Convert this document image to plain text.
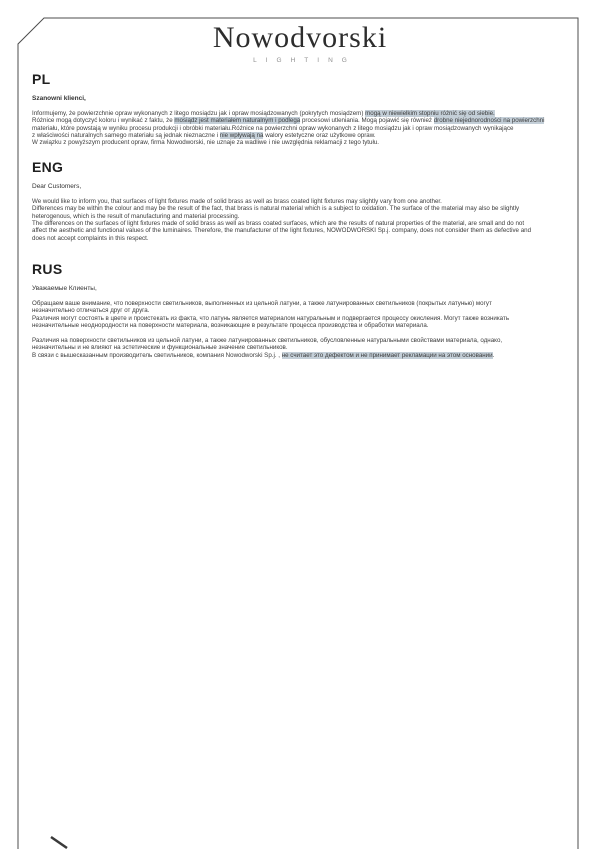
Nowodvorski
LIGHTING
PL
Szanowni klienci,
Informujemy, że powierzchnie opraw wykonanych z litego mosiądzu jak i opraw mosiądzowanych (pokrytych mosiądzem) mogą w niewielkim stopniu różnić się od siebie.
Różnice mogą dotyczyć koloru i wynikać z faktu, że mosiądz jest materiałem naturalnym i podlega procesowi utleniania. Mogą pojawić się również drobne niejednorodności na powierzchni
materiału, które powstają w wyniku procesu produkcji i obróbki materiału.Różnice na powierzchni opraw wykonanych z litego mosiądzu jak i opraw mosiądzowanych wynikające
z właściwości naturalnych samego materiału są jednak nieznaczne i nie wpływają na walory estetyczne oraz użytkowe opraw.
W związku z powyższym producent opraw, firma Nowodworski, nie uznaje za wadliwe i nie uwzględnia reklamacji z tego tytułu.
ENG
Dear Customers,
We would like to inform you, that surfaces of light fixtures made of solid brass as well as brass coated light fixtures may slightly vary from one another.
Differences may be within the colour and may be the result of the fact, that brass is natural material which is a subject to oxidation. The surface of the material may also be slightly
heterogenous, which is the result of manufacturing and material processing.
The differences on the surfaces of light fixtures made of solid brass as well as brass coated surfaces, which are the results of natural properties of the material, are small and do not
affect the aesthetic and functional values of the luminaires. Therefore, the manufacturer of the light fixtures, NOWODWORSKI Sp.j. company, does not consider them as defective and
does not accept complaints in this respect.
RUS
Уважаемые Клиенты,
Обращаем ваше внимание, что поверхности светильников, выполненных из цельной латуни, а также латунированных светильников (покрытых латунью) могут
незначительно отличаться друг от друга.
Различия могут состоять в цвете и проистекать из факта, что латунь является материалом натуральным и подвергается процессу окисления. Могут также возникать
незначительные неоднородности на поверхности материала, возникающие в результате процесса производства и обработки материала.
Различия на поверхности светильников из цельной латуни, а также латунированных светильников, обусловленные натуральными свойствами материала, однако,
незначительны и не влияют на эстетические и функциональные значение светильников.
В связи с вышесказанным производитель светильников, компания Nowodworski Sp.j. , не считает это дефектом и не принимает рекламации на этом основании.
